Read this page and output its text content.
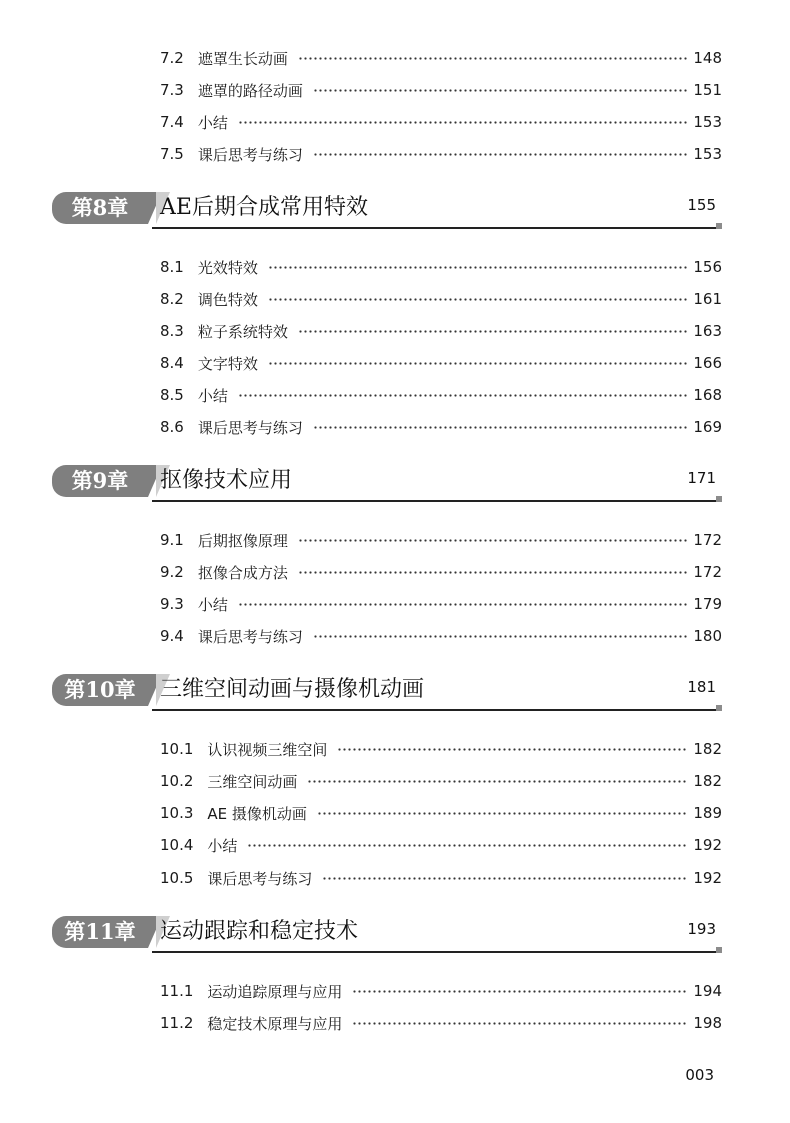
7.2 遮罩生长动画	148
7.3 遮罩的路径动画	151
7.4 小结	153
7.5 课后思考与练习	153
第8章	AE后期合成常用特效	155
8.1 光效特效	156
8.2 调色特效	161
8.3 粒子系统特效	163
8.4 文字特效	166
8.5 小结	168
8.6 课后思考与练习	169
第9章	抠像技术应用	171
9.1 后期抠像原理	172
9.2 抠像合成方法	172
9.3 小结	179
9.4 课后思考与练习	180
第10章	三维空间动画与摄像机动画	181
10.1 认识视频三维空间	182
10.2 三维空间动画	182
10.3 AE 摄像机动画	189
10.4 小结	192
10.5 课后思考与练习	192
第11章	运动跟踪和稳定技术	193
11.1 运动追踪原理与应用	194
11.2 稳定技术原理与应用	198
003
